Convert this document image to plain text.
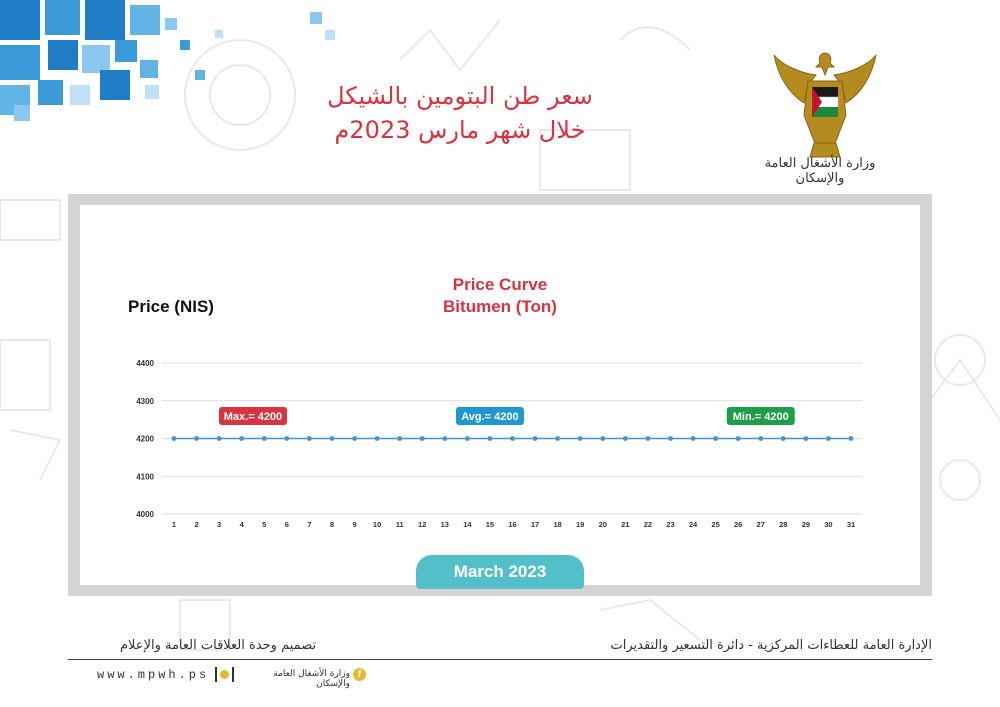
سعر طن البتومين بالشيكل
خلال شهر مارس 2023م
وزارة الأشغال العامة والإسكان
Price Curve
Bitumen (Ton)
Price (NIS)
4000
4100
4200
4300
4400
1 2 3 4 5 6 7 8 9 10 11 12 13 14 15 16 17 18 19 20 21 22 23 24 25 26 27 28 29 30 31
Max.= 4200	Avg.= 4200	Min.= 4200
March 2023
الإدارة العامة للعطاءات المركزية - دائرة التسعير والتقديرات
تصميم وحدة العلاقات العامة والإعلام
www.mpwh.ps	وزارة الأشغال العامة والإسكان
f
